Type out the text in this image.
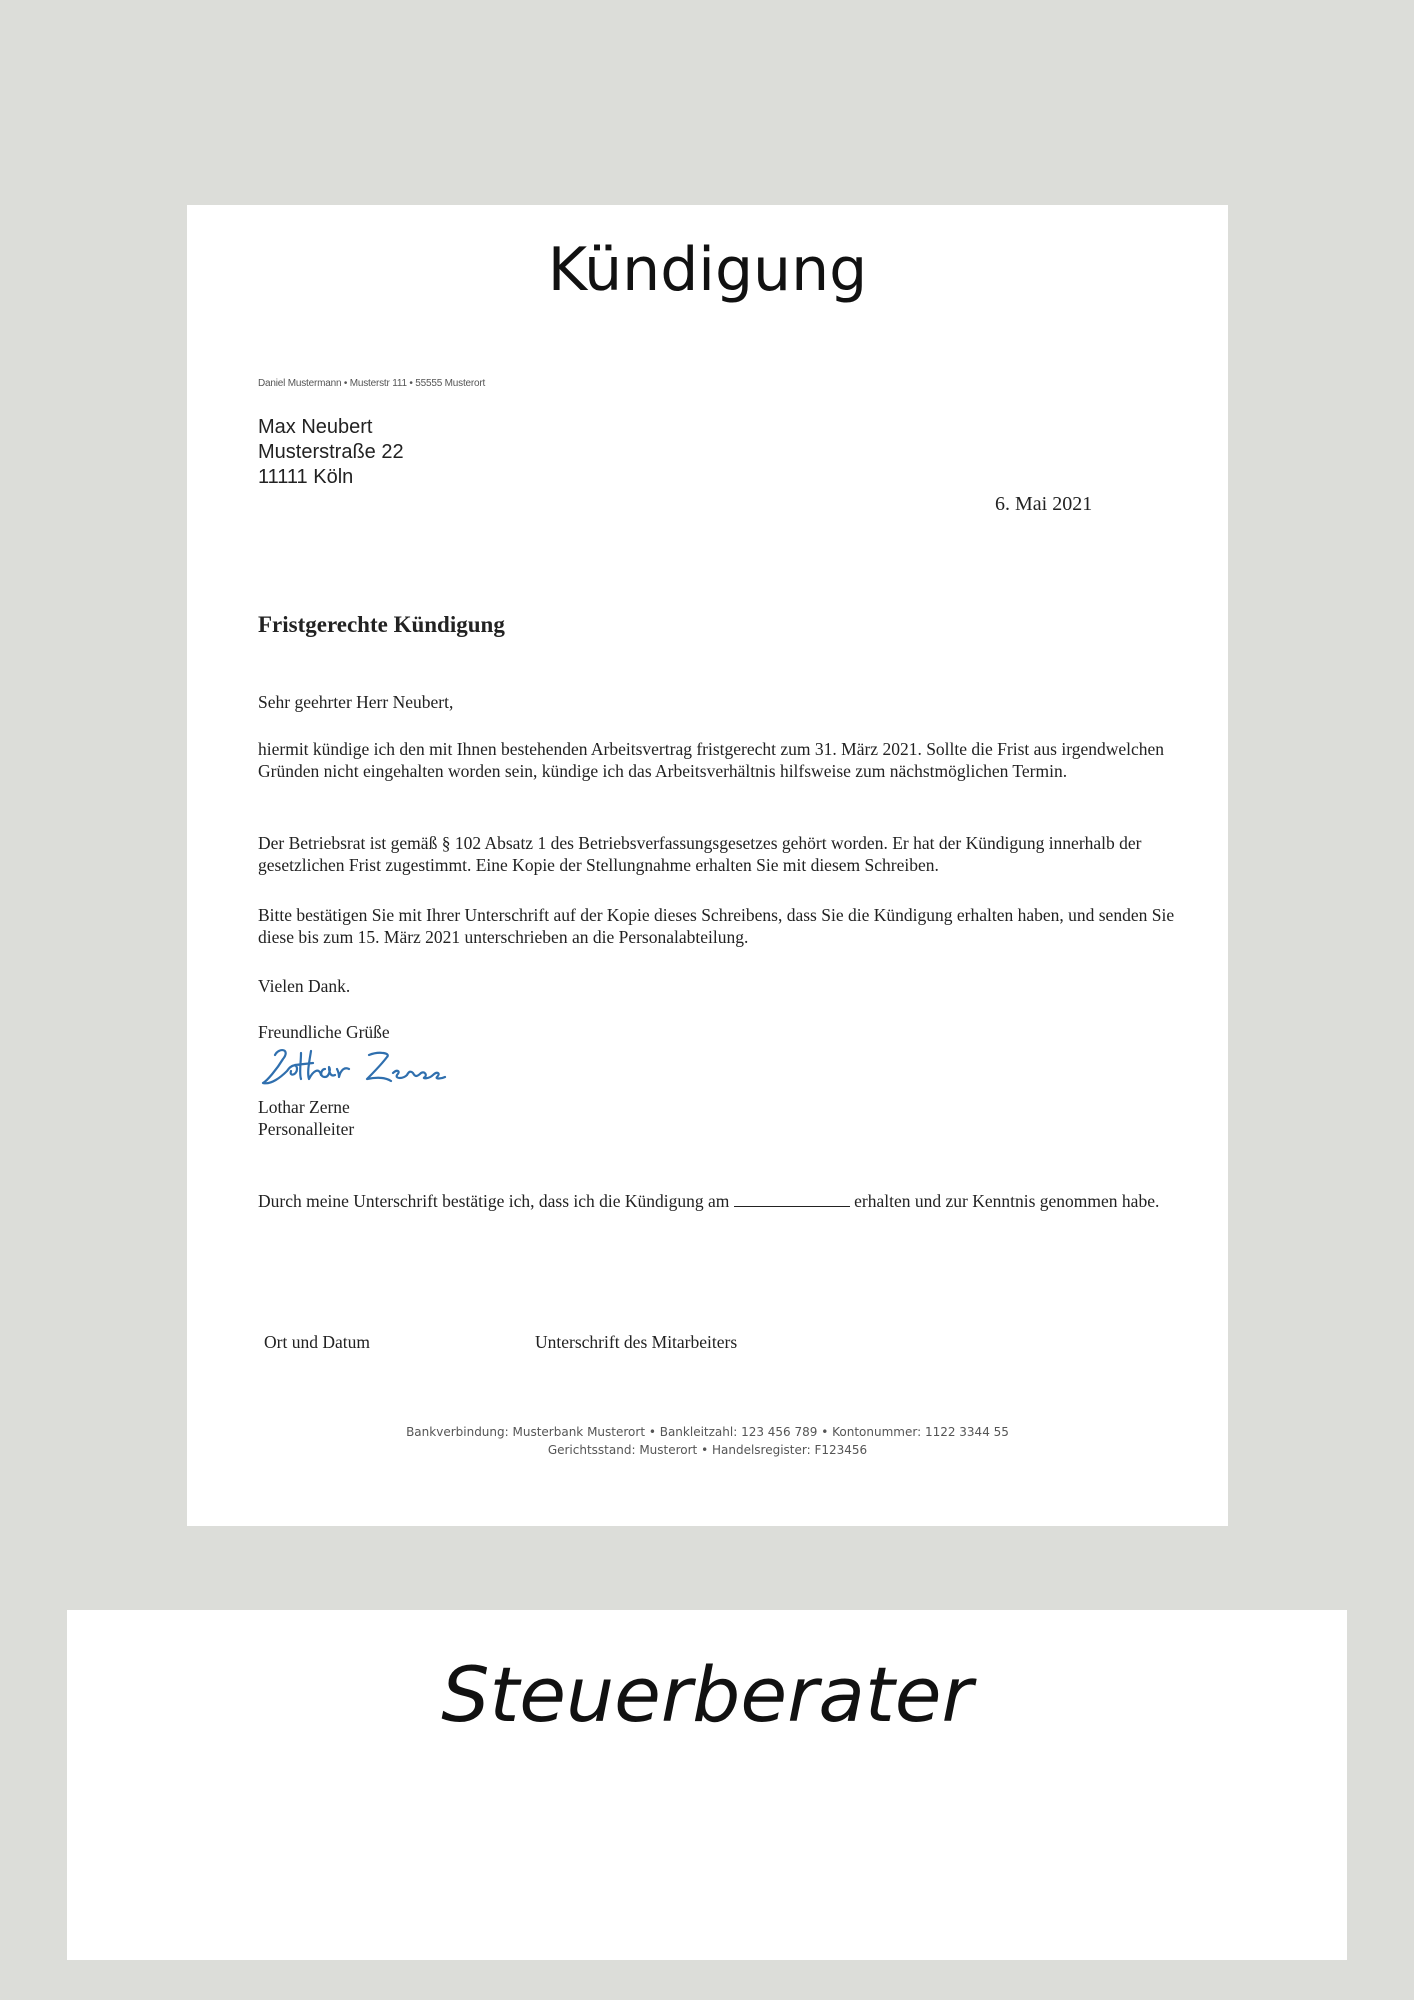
Kündigung
Daniel Mustermann • Musterstr 111 • 55555 Musterort
Max Neubert
Musterstraße 22
11111 Köln
6. Mai 2021
Fristgerechte Kündigung
Sehr geehrter Herr Neubert,
hiermit kündige ich den mit Ihnen bestehenden Arbeitsvertrag fristgerecht zum 31. März 2021. Sollte die Frist aus irgendwelchen Gründen nicht eingehalten worden sein, kündige ich das Arbeitsverhältnis hilfsweise zum nächstmöglichen Termin.
Der Betriebsrat ist gemäß § 102 Absatz 1 des Betriebsverfassungsgesetzes gehört worden. Er hat der Kündigung innerhalb der gesetzlichen Frist zugestimmt. Eine Kopie der Stellungnahme erhalten Sie mit diesem Schreiben.
Bitte bestätigen Sie mit Ihrer Unterschrift auf der Kopie dieses Schreibens, dass Sie die Kündigung erhalten haben, und senden Sie diese bis zum 15. März 2021 unterschrieben an die Personalabteilung.
Vielen Dank.
Freundliche Grüße
Lothar Zerne
Personalleiter
Durch meine Unterschrift bestätige ich, dass ich die Kündigung am	erhalten und zur Kenntnis genommen habe.
Ort und Datum	Unterschrift des Mitarbeiters
Bankverbindung: Musterbank Musterort • Bankleitzahl: 123 456 789 • Kontonummer: 1122 3344 55
Gerichtsstand: Musterort • Handelsregister: F123456
Steuerberater
